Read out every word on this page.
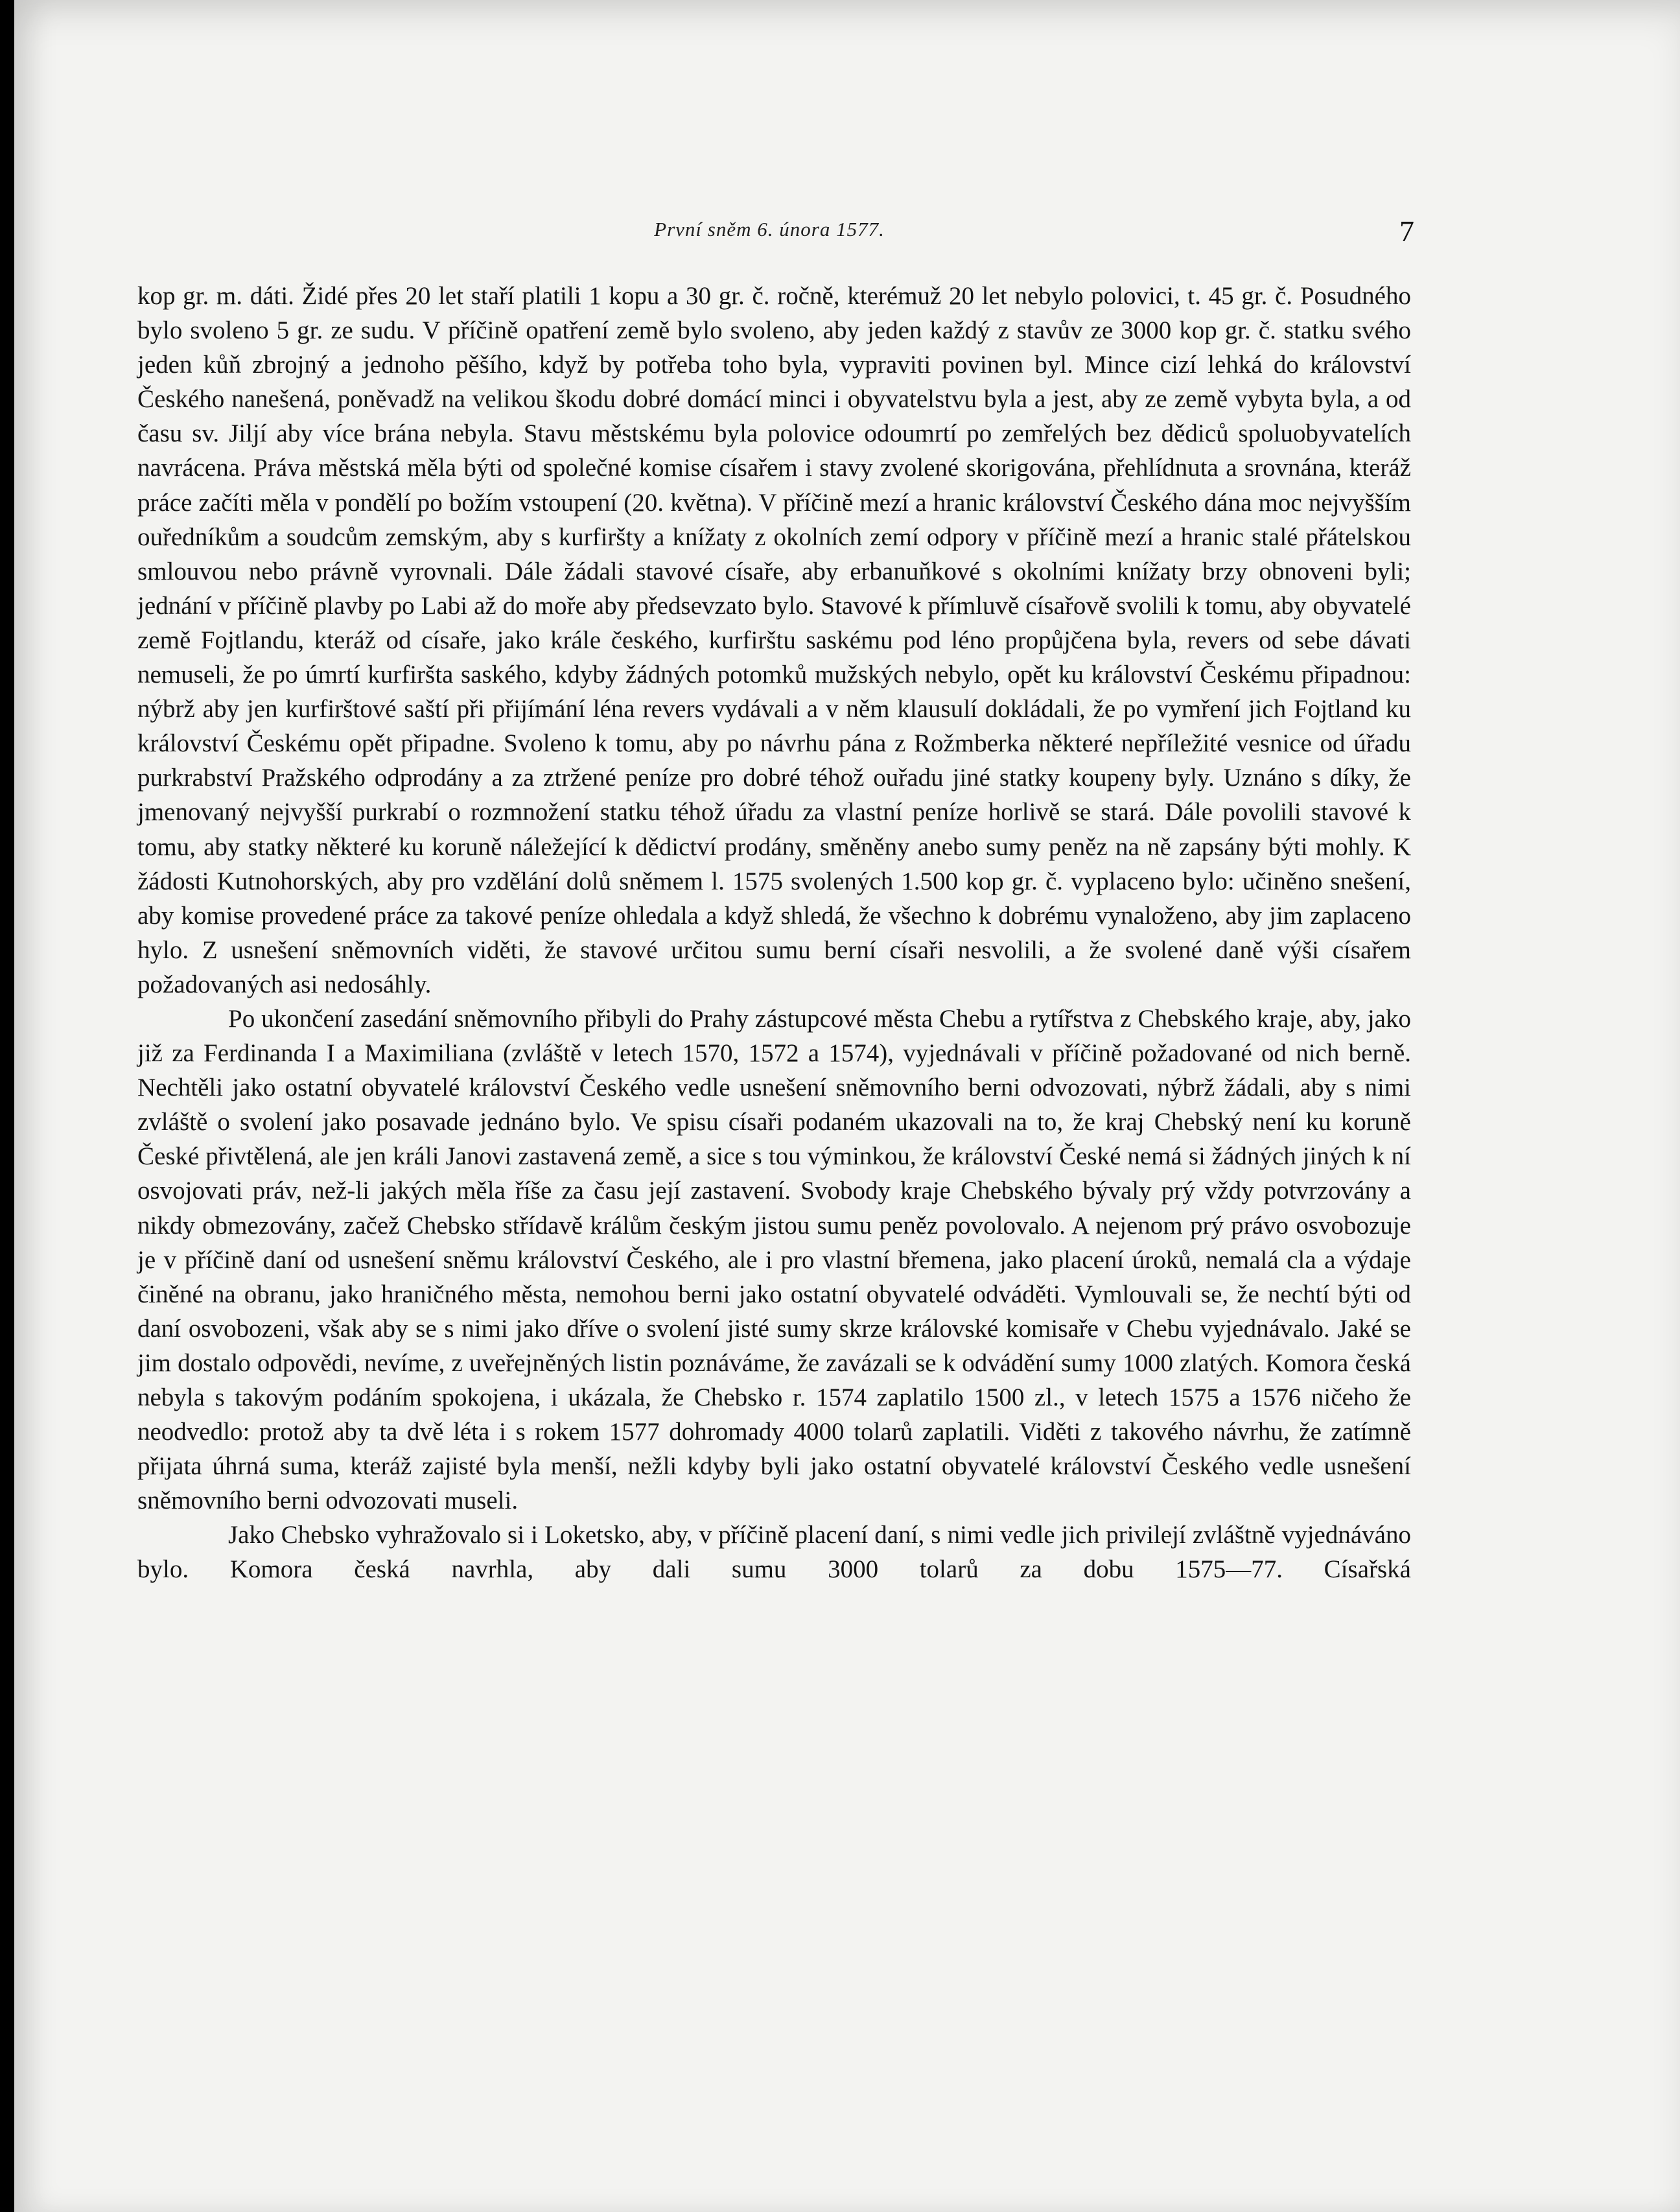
První sněm 6. února 1577.	7

kop gr. m. dáti. Židé přes 20 let staří platili 1 kopu a 30 gr. č. ročně, kterémuž 20 let nebylo polovici, t. 45 gr. č. Posudného bylo svoleno 5 gr. ze sudu. V příčině opatření země bylo svoleno, aby jeden každý z stavův ze 3000 kop gr. č. statku svého jeden kůň zbrojný a jednoho pěšího, když by potřeba toho byla, vypraviti povinen byl. Mince cizí lehká do království Českého nanešená, poněvadž na velikou škodu dobré domácí minci i obyvatelstvu byla a jest, aby ze země vybyta byla, a od času sv. Jiljí aby více brána nebyla. Stavu městskému byla polovice odoumrtí po zemřelých bez dědiců spoluobyvatelích navrácena. Práva městská měla býti od společné komise císařem i stavy zvolené skorigována, přehlídnuta a srovnána, kteráž práce začíti měla v pondělí po božím vstoupení (20. května). V příčině mezí a hranic království Českého dána moc nejvyšším ouředníkům a soudcům zemským, aby s kurfiršty a knížaty z okolních zemí odpory v příčině mezí a hranic stalé přátelskou smlouvou nebo právně vyrovnali. Dále žádali stavové císaře, aby erbanuňkové s okolními knížaty brzy obnoveni byli; jednání v příčině plavby po Labi až do moře aby předsevzato bylo. Stavové k přímluvě císařově svolili k tomu, aby obyvatelé země Fojtlandu, kteráž od císaře, jako krále českého, kurfirštu saskému pod léno propůjčena byla, revers od sebe dávati nemuseli, že po úmrtí kurfiršta saského, kdyby žádných potomků mužských nebylo, opět ku království Českému připadnou: nýbrž aby jen kurfirštové saští při přijímání léna revers vydávali a v něm klausulí dokládali, že po vymření jich Fojtland ku království Českému opět připadne. Svoleno k tomu, aby po návrhu pána z Rožmberka některé nepříležité vesnice od úřadu purkrabství Pražského odprodány a za ztržené peníze pro dobré téhož ouřadu jiné statky koupeny byly. Uznáno s díky, že jmenovaný nejvyšší purkrabí o rozmnožení statku téhož úřadu za vlastní peníze horlivě se stará. Dále povolili stavové k tomu, aby statky některé ku koruně náležející k dědictví prodány, směněny anebo sumy peněz na ně zapsány býti mohly. K žádosti Kutnohorských, aby pro vzdělání dolů sněmem l. 1575 svolených 1.500 kop gr. č. vyplaceno bylo: učiněno snešení, aby komise provedené práce za takové peníze ohledala a když shledá, že všechno k dobrému vynaloženo, aby jim zaplaceno hylo. Z usnešení sněmovních viděti, že stavové určitou sumu berní císaři nesvolili, a že svolené daně výši císařem požadovaných asi nedosáhly.

Po ukončení zasedání sněmovního přibyli do Prahy zástupcové města Chebu a rytířstva z Chebského kraje, aby, jako již za Ferdinanda I a Maximiliana (zvláště v letech 1570, 1572 a 1574), vyjednávali v příčině požadované od nich berně. Nechtěli jako ostatní obyvatelé království Českého vedle usnešení sněmovního berni odvozovati, nýbrž žádali, aby s nimi zvláště o svolení jako posavade jednáno bylo. Ve spisu císaři podaném ukazovali na to, že kraj Chebský není ku koruně České přivtělená, ale jen králi Janovi zastavená země, a sice s tou výminkou, že království České nemá si žádných jiných k ní osvojovati práv, než-li jakých měla říše za času její zastavení. Svobody kraje Chebského bývaly prý vždy potvrzovány a nikdy obmezovány, začež Chebsko střídavě králům českým jistou sumu peněz povolovalo. A nejenom prý právo osvobozuje je v příčině daní od usnešení sněmu království Českého, ale i pro vlastní břemena, jako placení úroků, nemalá cla a výdaje činěné na obranu, jako hraničného města, nemohou berni jako ostatní obyvatelé odváděti. Vymlouvali se, že nechtí býti od daní osvobozeni, však aby se s nimi jako dříve o svolení jisté sumy skrze královské komisaře v Chebu vyjednávalo. Jaké se jim dostalo odpovědi, nevíme, z uveřejněných listin poznáváme, že zavázali se k odvádění sumy 1000 zlatých. Komora česká nebyla s takovým podáním spokojena, i ukázala, že Chebsko r. 1574 zaplatilo 1500 zl., v letech 1575 a 1576 ničeho že neodvedlo: protož aby ta dvě léta i s rokem 1577 dohromady 4000 tolarů zaplatili. Viděti z takového návrhu, že zatímně přijata úhrná suma, kteráž zajisté byla menší, nežli kdyby byli jako ostatní obyvatelé království Českého vedle usnešení sněmovního berni odvozovati museli.

Jako Chebsko vyhražovalo si i Loketsko, aby, v příčině placení daní, s nimi vedle jich privilejí zvláštně vyjednáváno bylo. Komora česká navrhla, aby dali sumu 3000 tolarů za dobu 1575—77. Císařská
